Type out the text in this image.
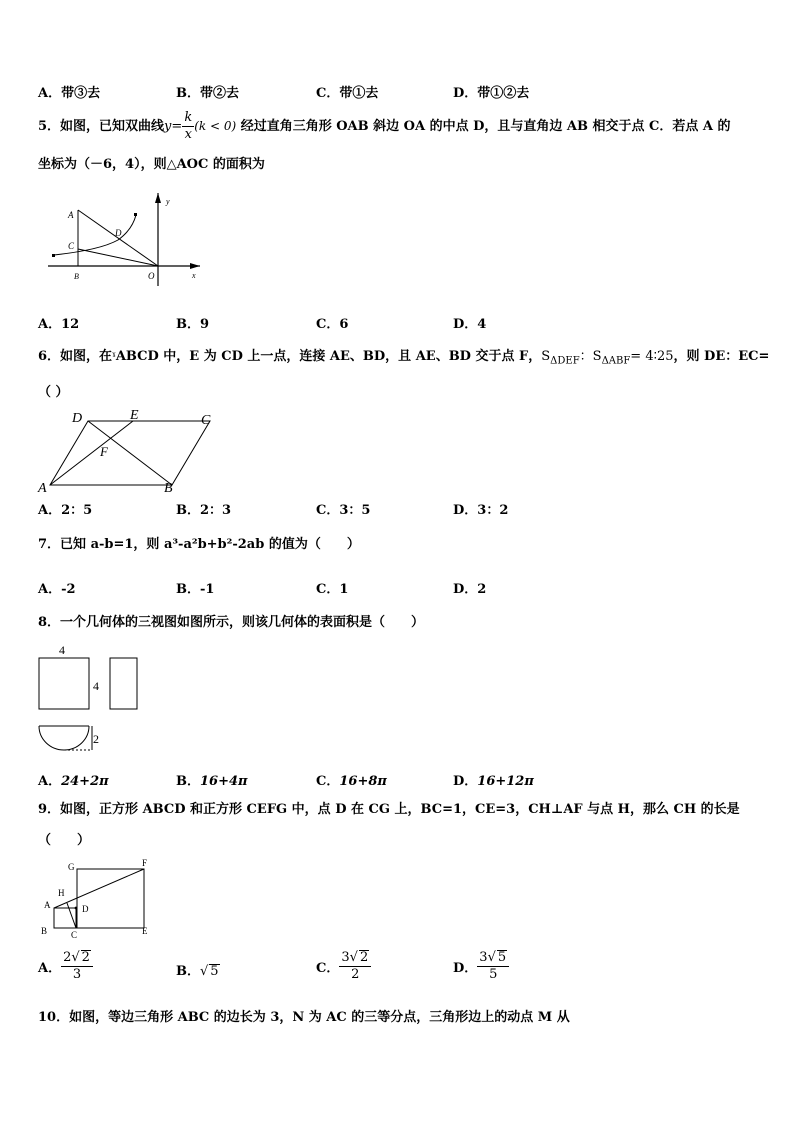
A．带③去	B．带②去	C．带①去	D．带①②去
5．如图，已知双曲线$y= \frac{k}{x} (k < 0)$ 经过直角三角形 OAB 斜边 OA 的中点 D，且与直角边 AB 相交于点 C．若点 A 的
坐标为（－6，4），则△AOC 的面积为
A
C
D
B	O	x
y
A．12	B．9	C．6	D．4
6．如图，在$^ˠ$ABCD 中，E 为 CD 上一点，连接 AE、BD，且 AE、BD 交于点 F，$S_{\Delta DEF}$：$S_{\Delta ABF}=$ 4∶25，则 DE：EC=
（ ）
D	E	C
F
A	B
A．2：5	B．2：3	C．3：5	D．3：2
7．已知 a-b=1，则 a³-a²b+b²-2ab 的值为（　　）
A．-2	B．-1	C．1	D．2
8．一个几何体的三视图如图所示，则该几何体的表面积是（　　）
4
4
2
A．24+2π	B．16+4π	C．16+8π	D．16+12π
9．如图，正方形 ABCD 和正方形 CEFG 中，点 D 在 CG 上，BC=1，CE=3，CH⊥AF 与点 H，那么 CH 的长是
（　　）
G	F
H
A	D
B	C	E
A． $\frac{2√ 2}{3}$	B．√ 5	C． $\frac{3√ 2}{2}$	D． $\frac{3√ 5}{5}$
10．如图，等边三角形 ABC 的边长为 3，N 为 AC 的三等分点，三角形边上的动点 M 从
